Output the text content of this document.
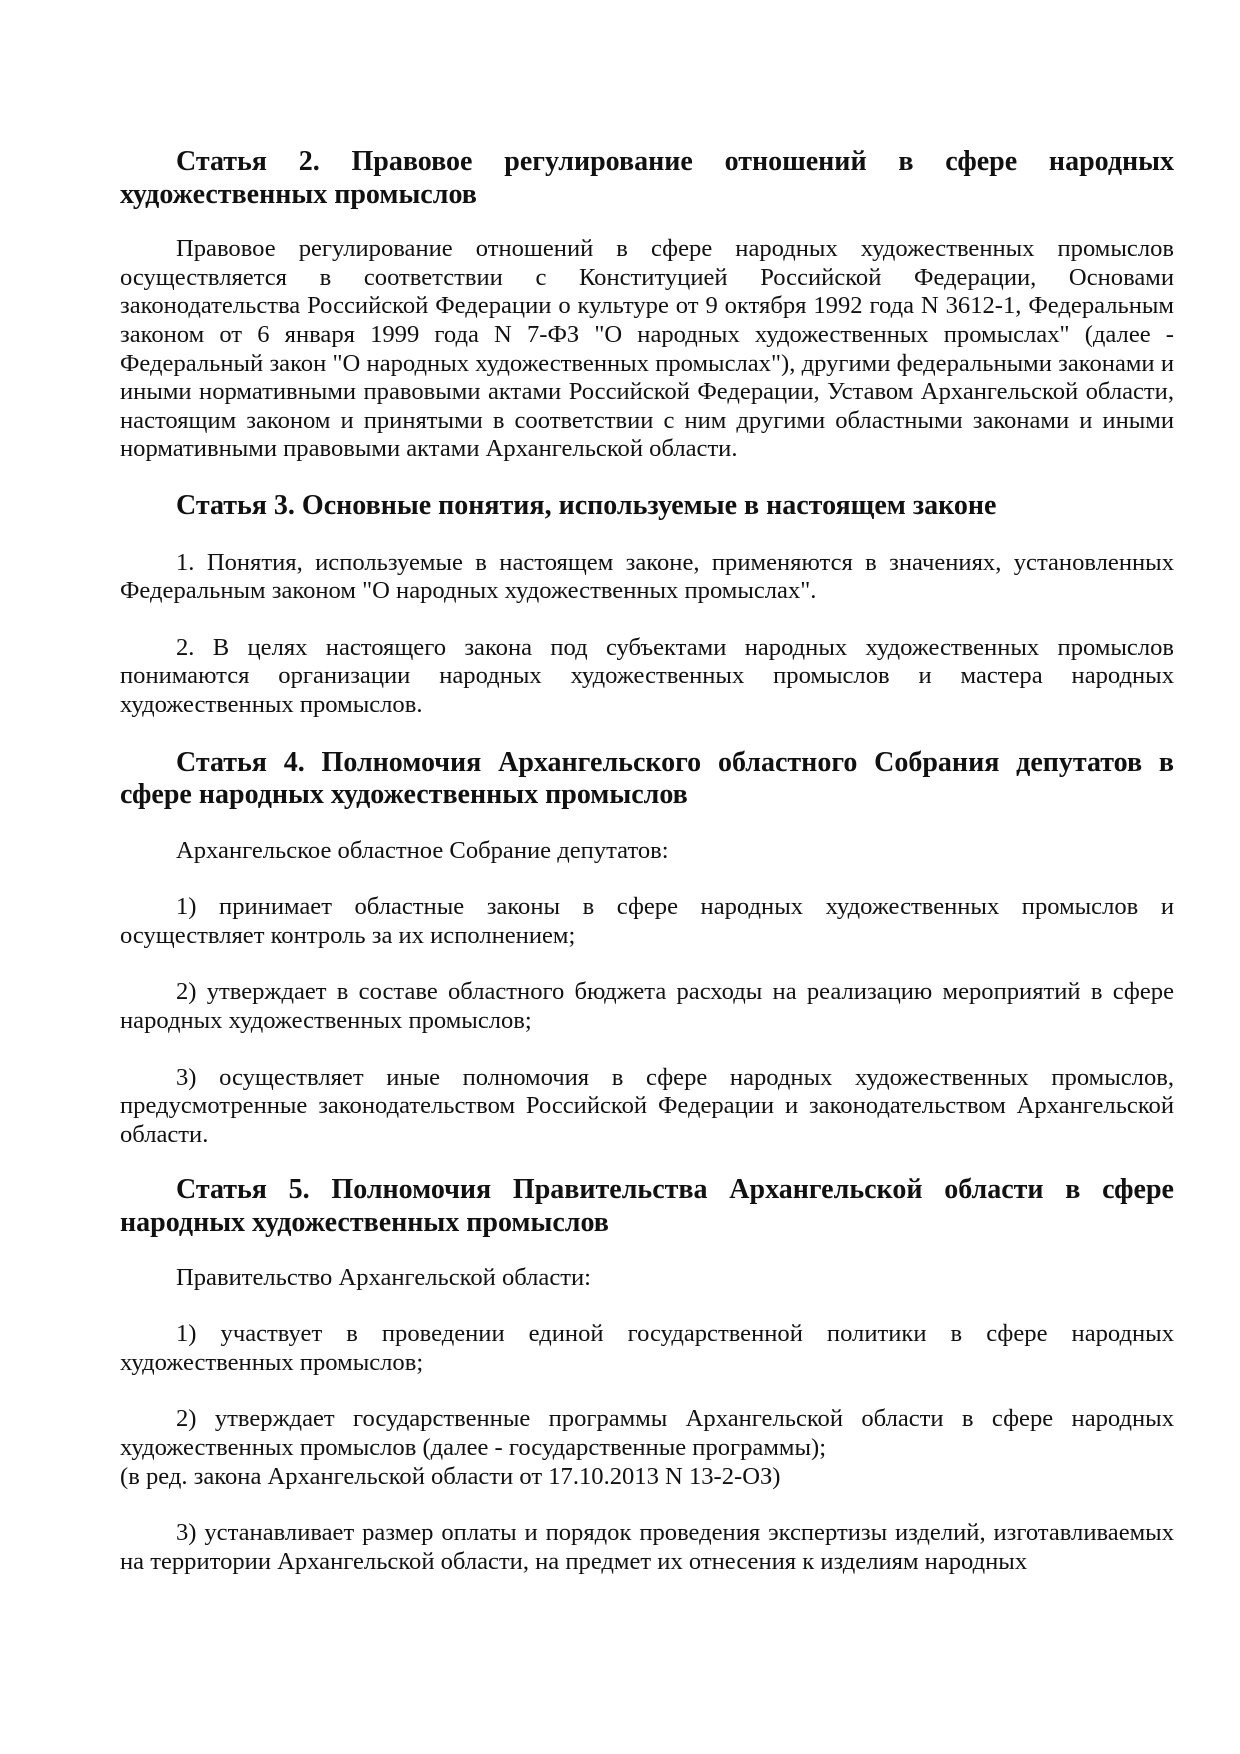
Статья 2. Правовое регулирование отношений в сфере народных художественных промыслов
Правовое регулирование отношений в сфере народных художественных промыслов осуществляется в соответствии с Конституцией Российской Федерации, Основами законодательства Российской Федерации о культуре от 9 октября 1992 года N 3612-1, Федеральным законом от 6 января 1999 года N 7-ФЗ "О народных художественных промыслах" (далее - Федеральный закон "О народных художественных промыслах"), другими федеральными законами и иными нормативными правовыми актами Российской Федерации, Уставом Архангельской области, настоящим законом и принятыми в соответствии с ним другими областными законами и иными нормативными правовыми актами Архангельской области.
Статья 3. Основные понятия, используемые в настоящем законе
1. Понятия, используемые в настоящем законе, применяются в значениях, установленных Федеральным законом "О народных художественных промыслах".
2. В целях настоящего закона под субъектами народных художественных промыслов понимаются организации народных художественных промыслов и мастера народных художественных промыслов.
Статья 4. Полномочия Архангельского областного Собрания депутатов в сфере народных художественных промыслов
Архангельское областное Собрание депутатов:
1) принимает областные законы в сфере народных художественных промыслов и осуществляет контроль за их исполнением;
2) утверждает в составе областного бюджета расходы на реализацию мероприятий в сфере народных художественных промыслов;
3) осуществляет иные полномочия в сфере народных художественных промыслов, предусмотренные законодательством Российской Федерации и законодательством Архангельской области.
Статья 5. Полномочия Правительства Архангельской области в сфере народных художественных промыслов
Правительство Архангельской области:
1) участвует в проведении единой государственной политики в сфере народных художественных промыслов;
2) утверждает государственные программы Архангельской области в сфере народных художественных промыслов (далее - государственные программы);
(в ред. закона Архангельской области от 17.10.2013 N 13-2-ОЗ)
3) устанавливает размер оплаты и порядок проведения экспертизы изделий, изготавливаемых на территории Архангельской области, на предмет их отнесения к изделиям народных
